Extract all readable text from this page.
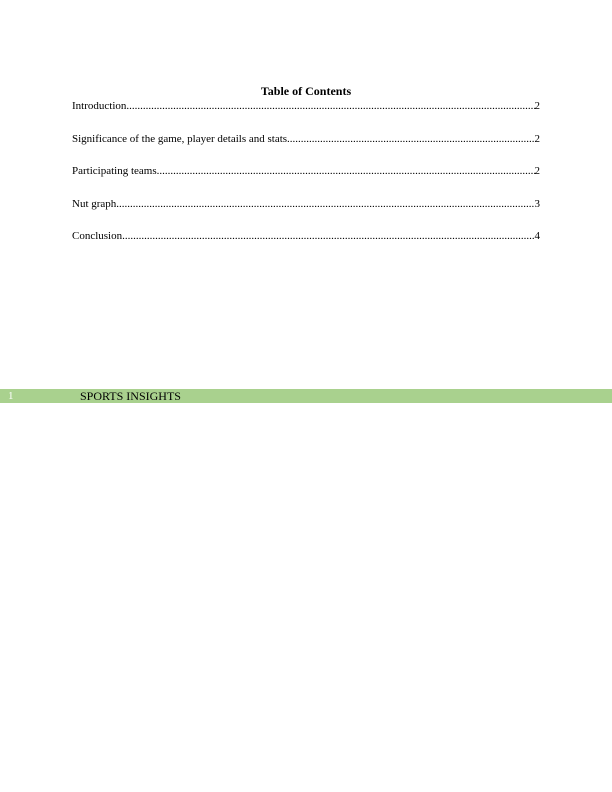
Table of Contents
Introduction .....	2
Significance of the game, player details and stats .....	2
Participating teams .....	2
Nut graph .....	3
Conclusion .....	4
1	SPORTS INSIGHTS
